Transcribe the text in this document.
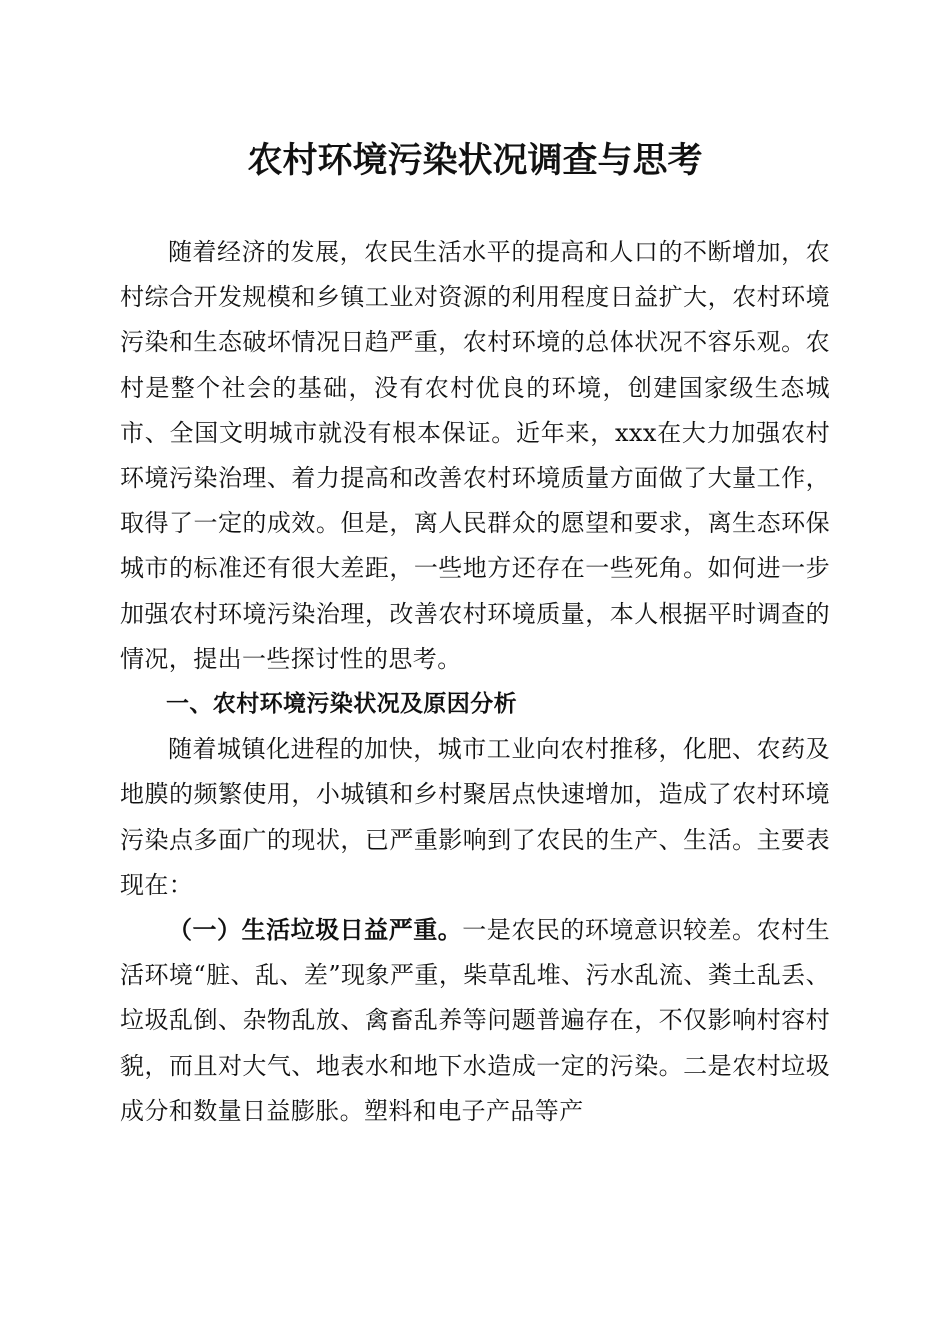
农村环境污染状况调查与思考

随着经济的发展，农民生活水平的提高和人口的不断增加，农村综合开发规模和乡镇工业对资源的利用程度日益扩大，农村环境污染和生态破坏情况日趋严重，农村环境的总体状况不容乐观。农村是整个社会的基础，没有农村优良的环境，创建国家级生态城市、全国文明城市就没有根本保证。近年来，xxx在大力加强农村环境污染治理、着力提高和改善农村环境质量方面做了大量工作，取得了一定的成效。但是，离人民群众的愿望和要求，离生态环保城市的标准还有很大差距，一些地方还存在一些死角。如何进一步加强农村环境污染治理，改善农村环境质量，本人根据平时调查的情况，提出一些探讨性的思考。

一、农村环境污染状况及原因分析

随着城镇化进程的加快，城市工业向农村推移，化肥、农药及地膜的频繁使用，小城镇和乡村聚居点快速增加，造成了农村环境污染点多面广的现状，已严重影响到了农民的生产、生活。主要表现在：

（一）生活垃圾日益严重。一是农民的环境意识较差。农村生活环境“脏、乱、差”现象严重，柴草乱堆、污水乱流、粪土乱丢、垃圾乱倒、杂物乱放、禽畜乱养等问题普遍存在，不仅影响村容村貌，而且对大气、地表水和地下水造成一定的污染。二是农村垃圾成分和数量日益膨胀。塑料和电子产品等产
